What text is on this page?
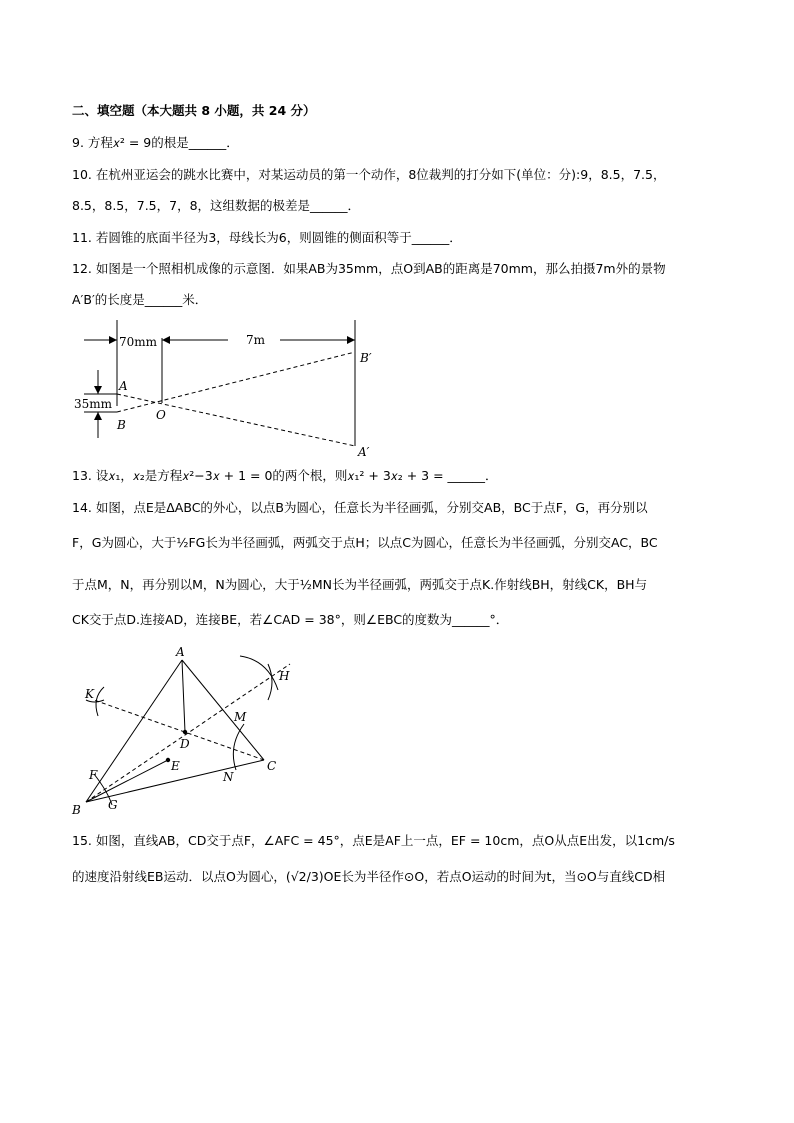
二、填空题（本大题共 8 小题，共 24 分）
9. 方程𝑥² = 9的根是______．
10. 在杭州亚运会的跳水比赛中，对某运动员的第一个动作，8位裁判的打分如下(单位：分):9，8.5，7.5，
8.5，8.5，7.5，7，8，这组数据的极差是______．
11. 若圆锥的底面半径为3，母线长为6，则圆锥的侧面积等于______．
12. 如图是一个照相机成像的示意图．如果AB为35mm，点O到AB的距离是70mm，那么拍摄7m外的景物
A′B′的长度是______米．
70mm	7m
35mm
A
B
O
B′
A′
13. 设𝑥₁，𝑥₂是方程𝑥²−3𝑥 + 1 = 0的两个根，则𝑥₁² + 3𝑥₂ + 3 = ______．
14. 如图，点E是ΔABC的外心，以点B为圆心，任意长为半径画弧，分别交AB，BC于点F，G，再分别以
F，G为圆心，大于½FG长为半径画弧，两弧交于点H；以点C为圆心，任意长为半径画弧，分别交AC，BC
于点M，N，再分别以M，N为圆心，大于½MN长为半径画弧，两弧交于点K.作射线BH，射线CK，BH与
CK交于点D.连接AD，连接BE，若∠CAD = 38°，则∠EBC的度数为______°．
A
B
C
D
E
F
G
H
K
M
N
15. 如图，直线AB，CD交于点F，∠AFC = 45°，点E是AF上一点，EF = 10cm，点O从点E出发，以1cm/s
的速度沿射线EB运动．以点O为圆心，(√2/3)OE长为半径作⊙O，若点O运动的时间为t，当⊙O与直线CD相
